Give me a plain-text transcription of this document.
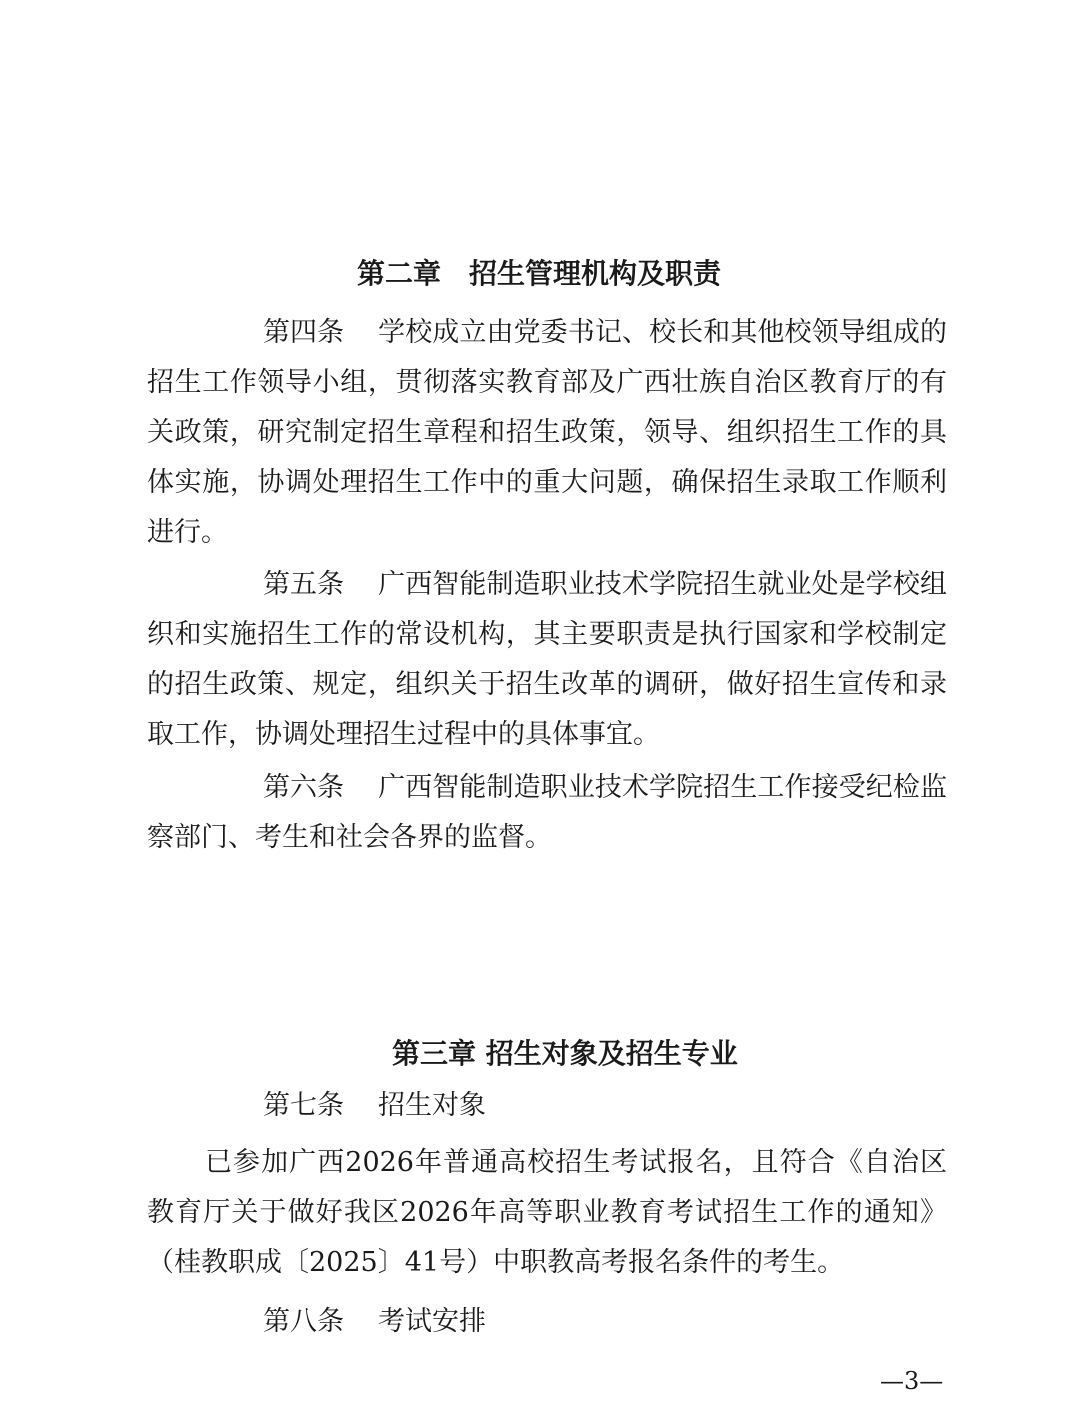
第二章　招生管理机构及职责

第四条 学校成立由党委书记、校长和其他校领导组成的招生工作领导小组，贯彻落实教育部及广西壮族自治区教育厅的有关政策，研究制定招生章程和招生政策，领导、组织招生工作的具体实施，协调处理招生工作中的重大问题，确保招生录取工作顺利进行。

第五条 广西智能制造职业技术学院招生就业处是学校组织和实施招生工作的常设机构，其主要职责是执行国家和学校制定的招生政策、规定，组织关于招生改革的调研，做好招生宣传和录取工作，协调处理招生过程中的具体事宜。

第六条 广西智能制造职业技术学院招生工作接受纪检监察部门、考生和社会各界的监督。

第三章 招生对象及招生专业

第七条 招生对象

已参加广西2026年普通高校招生考试报名，且符合《自治区教育厅关于做好我区2026年高等职业教育考试招生工作的通知》（桂教职成〔2025〕41号）中职教高考报名条件的考生。

第八条 考试安排

—3—
